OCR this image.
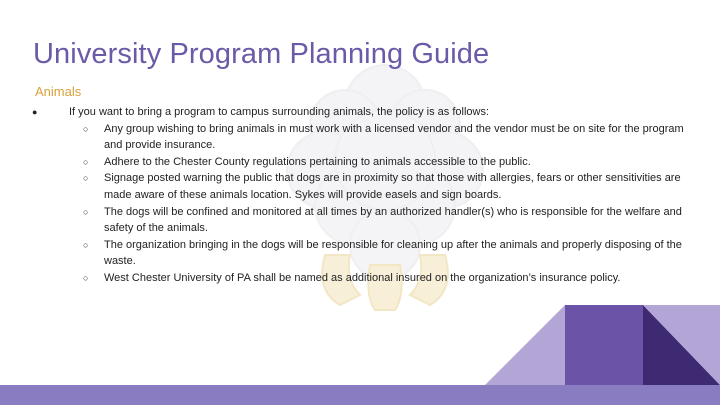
University Program Planning Guide
Animals
●	If you want to bring a program to campus surrounding animals, the policy is as follows:
○ Any group wishing to bring animals in must work with a licensed vendor and the vendor must be on site for the program and provide insurance.
○ Adhere to the Chester County regulations pertaining to animals accessible to the public.
○ Signage posted warning the public that dogs are in proximity so that those with allergies, fears or other sensitivities are made aware of these animals location. Sykes will provide easels and sign boards.
○ The dogs will be confined and monitored at all times by an authorized handler(s) who is responsible for the welfare and safety of the animals.
○ The organization bringing in the dogs will be responsible for cleaning up after the animals and properly disposing of the waste.
○ West Chester University of PA shall be named as additional insured on the organization’s insurance policy.
